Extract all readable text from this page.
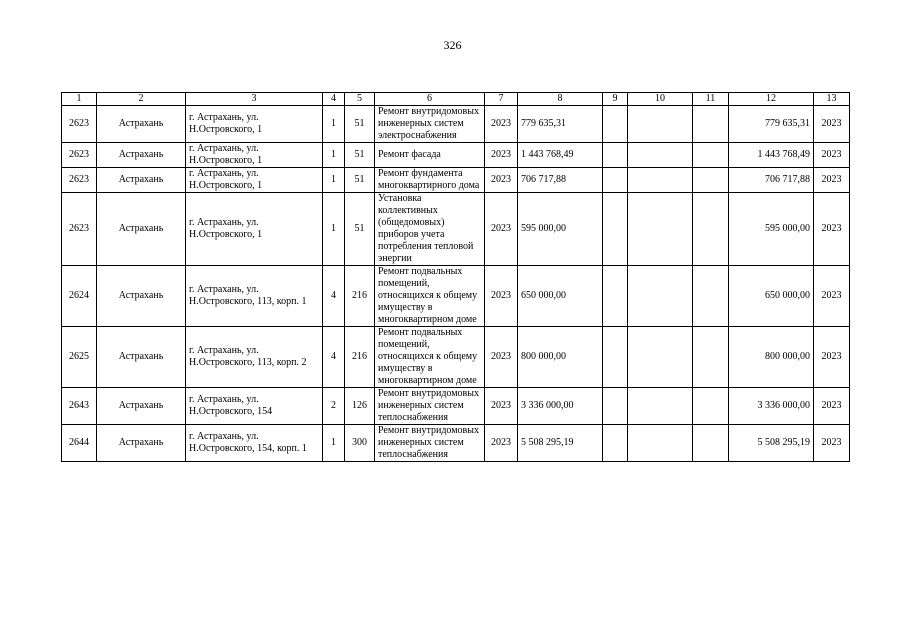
326
1	2	3	4	5	6	7	8	9	10	11	12	13
2623	Астрахань	г. Астрахань, ул. Н.Островского, 1	1	51	Ремонт внутридомовых инженерных систем электроснабжения	2023	779 635,31				779 635,31	2023
2623	Астрахань	г. Астрахань, ул. Н.Островского, 1	1	51	Ремонт фасада	2023	1 443 768,49				1 443 768,49	2023
2623	Астрахань	г. Астрахань, ул. Н.Островского, 1	1	51	Ремонт фундамента многоквартирного дома	2023	706 717,88				706 717,88	2023
2623	Астрахань	г. Астрахань, ул. Н.Островского, 1	1	51	Установка коллективных (общедомовых) приборов учета потребления тепловой энергии	2023	595 000,00				595 000,00	2023
2624	Астрахань	г. Астрахань, ул. Н.Островского, 113, корп. 1	4	216	Ремонт подвальных помещений, относящихся к общему имуществу в многоквартирном доме	2023	650 000,00				650 000,00	2023
2625	Астрахань	г. Астрахань, ул. Н.Островского, 113, корп. 2	4	216	Ремонт подвальных помещений, относящихся к общему имуществу в многоквартирном доме	2023	800 000,00				800 000,00	2023
2643	Астрахань	г. Астрахань, ул. Н.Островского, 154	2	126	Ремонт внутридомовых инженерных систем теплоснабжения	2023	3 336 000,00				3 336 000,00	2023
2644	Астрахань	г. Астрахань, ул. Н.Островского, 154, корп. 1	1	300	Ремонт внутридомовых инженерных систем теплоснабжения	2023	5 508 295,19				5 508 295,19	2023
